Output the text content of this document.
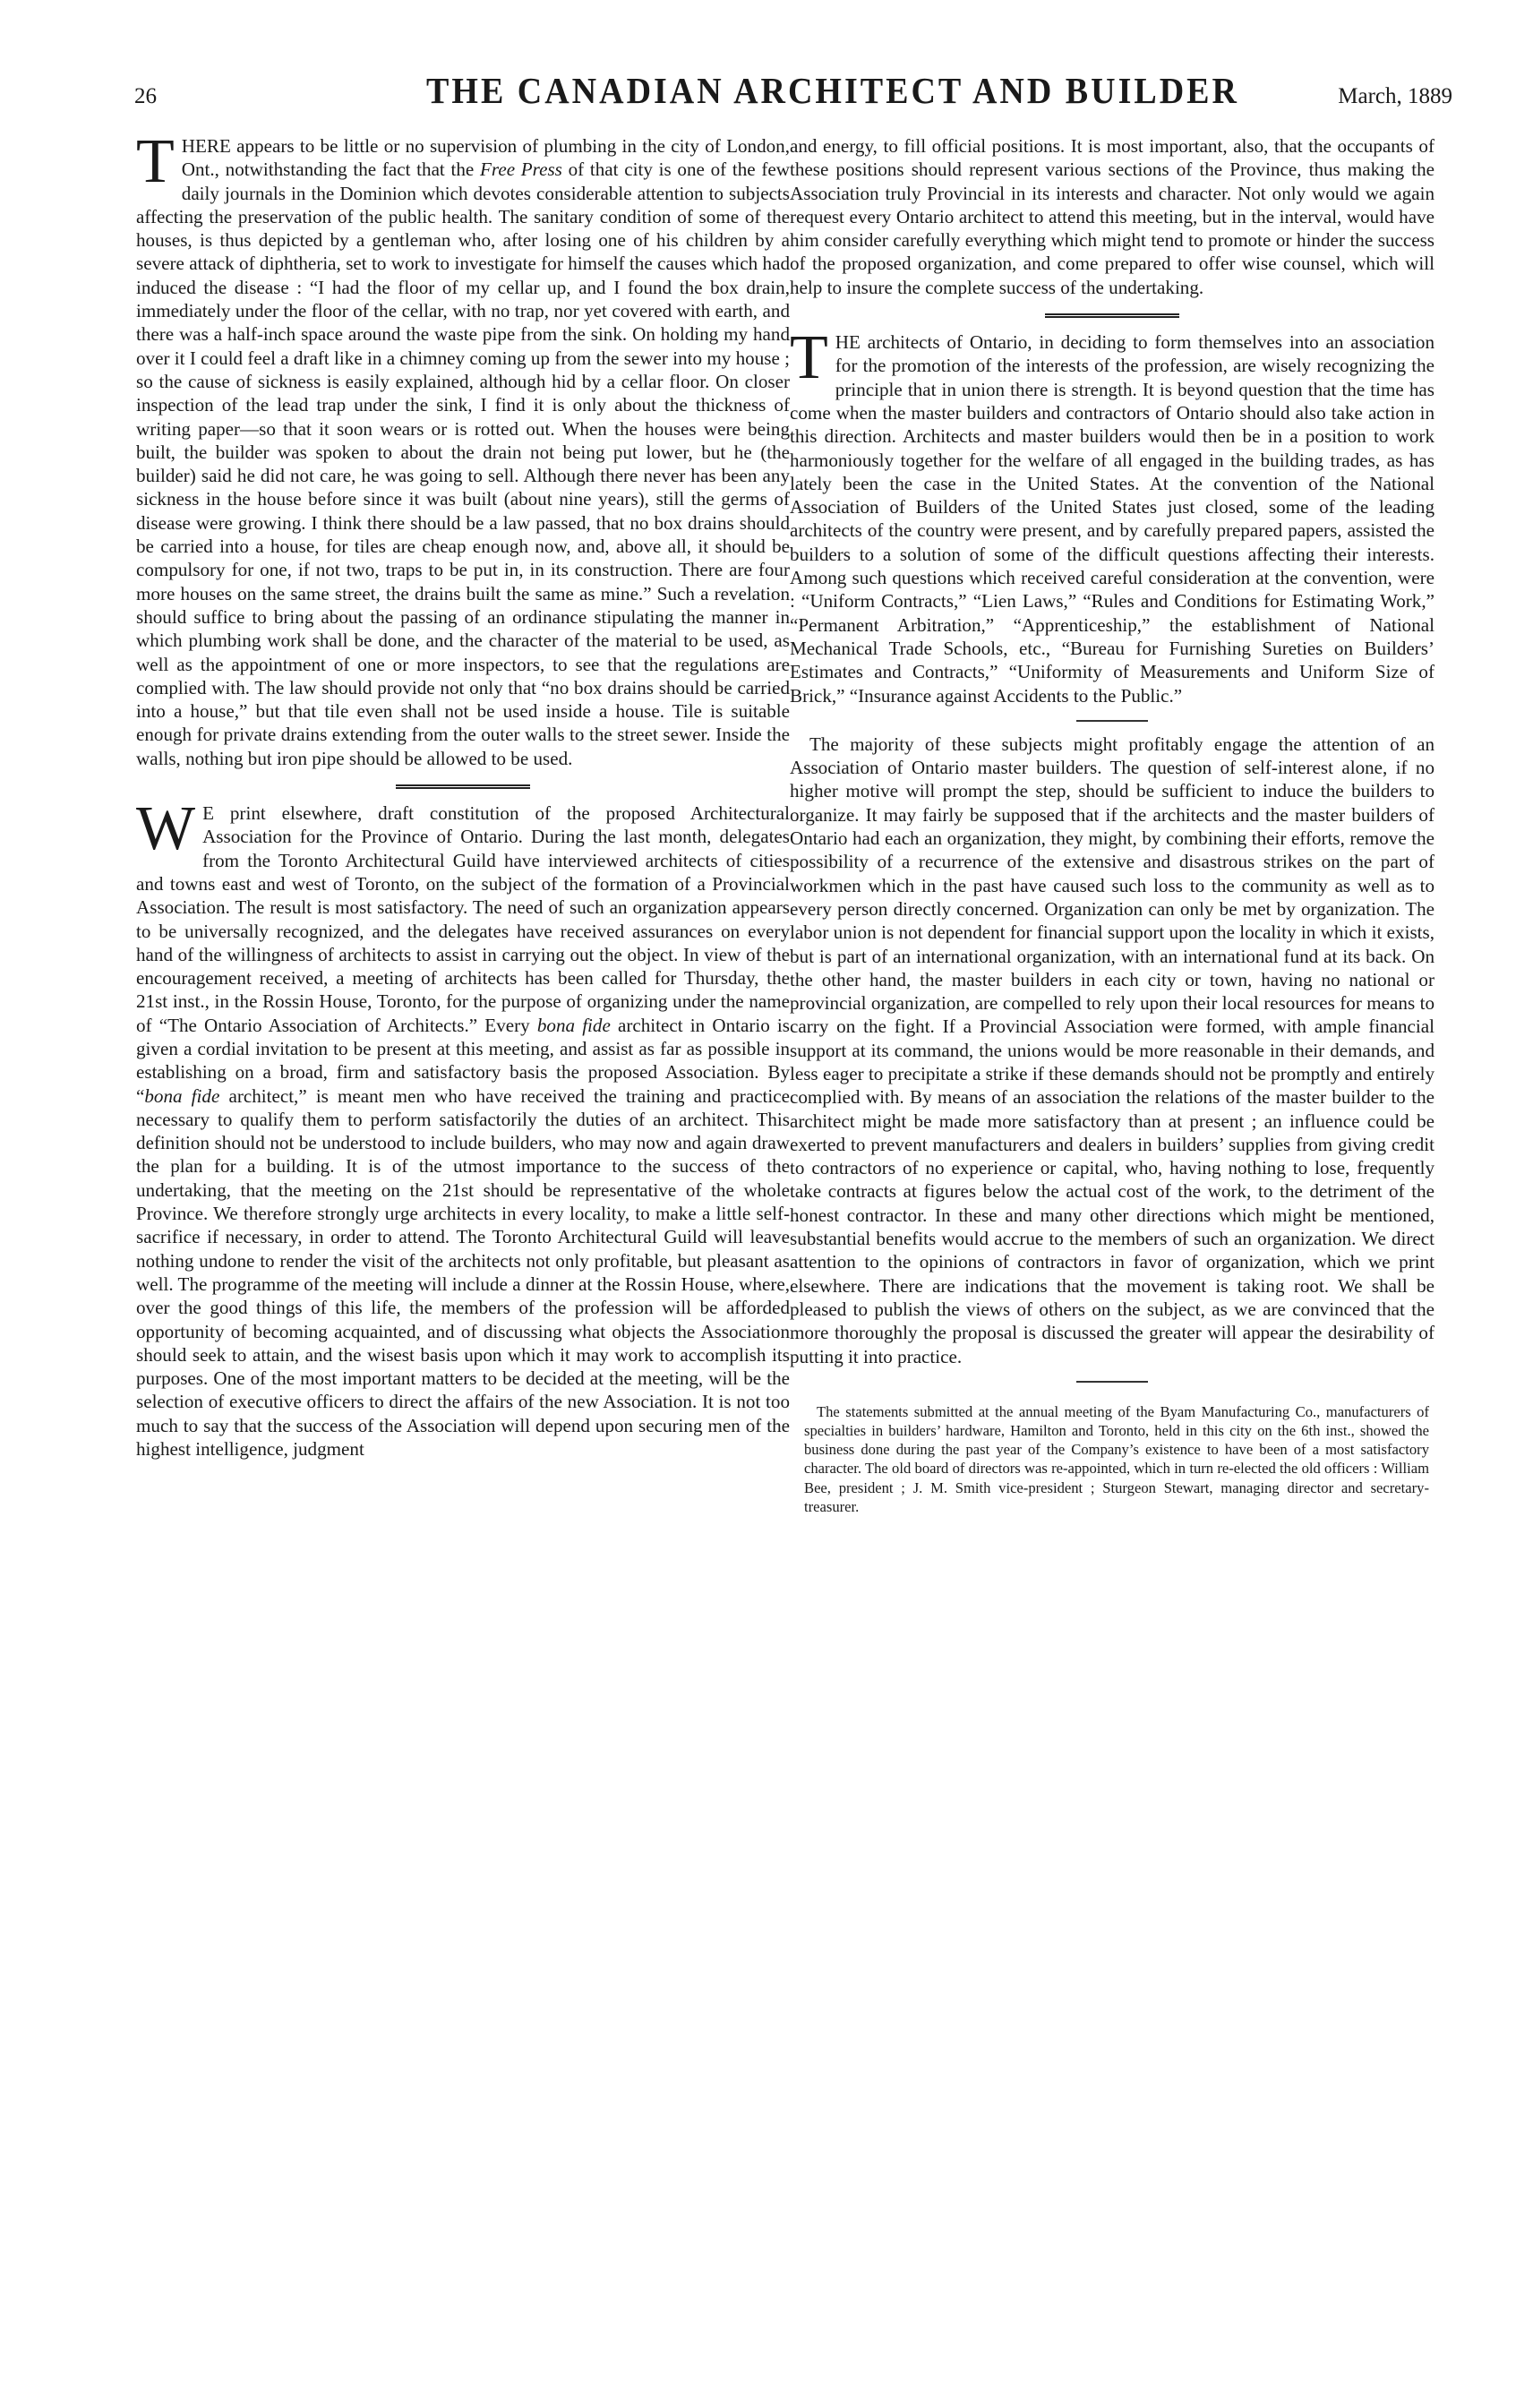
26	THE CANADIAN ARCHITECT AND BUILDER	March, 1889

THERE appears to be little or no supervision of plumbing in the city of London, Ont., notwithstanding the fact that the Free Press of that city is one of the few daily journals in the Dominion which devotes considerable attention to subjects affecting the preservation of the public health. The sanitary condition of some of the houses, is thus depicted by a gentleman who, after losing one of his children by a severe attack of diphtheria, set to work to investigate for himself the causes which had induced the disease : “I had the floor of my cellar up, and I found the box drain, immediately under the floor of the cellar, with no trap, nor yet covered with earth, and there was a half-inch space around the waste pipe from the sink. On holding my hand over it I could feel a draft like in a chimney coming up from the sewer into my house ; so the cause of sickness is easily explained, although hid by a cellar floor. On closer inspection of the lead trap under the sink, I find it is only about the thickness of writing paper—so that it soon wears or is rotted out. When the houses were being built, the builder was spoken to about the drain not being put lower, but he (the builder) said he did not care, he was going to sell. Although there never has been any sickness in the house before since it was built (about nine years), still the germs of disease were growing. I think there should be a law passed, that no box drains should be carried into a house, for tiles are cheap enough now, and, above all, it should be compulsory for one, if not two, traps to be put in, in its construction. There are four more houses on the same street, the drains built the same as mine.” Such a revelation should suffice to bring about the passing of an ordinance stipulating the manner in which plumbing work shall be done, and the character of the material to be used, as well as the appointment of one or more inspectors, to see that the regulations are complied with. The law should provide not only that “no box drains should be carried into a house,” but that tile even shall not be used inside a house. Tile is suitable enough for private drains extending from the outer walls to the street sewer. Inside the walls, nothing but iron pipe should be allowed to be used.

W E print elsewhere, draft constitution of the proposed Architectural Association for the Province of Ontario. During the last month, delegates from the Toronto Architectural Guild have interviewed architects of cities and towns east and west of Toronto, on the subject of the formation of a Provincial Association. The result is most satisfactory. The need of such an organization appears to be universally recognized, and the delegates have received assurances on every hand of the willingness of architects to assist in carrying out the object. In view of the encouragement received, a meeting of architects has been called for Thursday, the 21st inst., in the Rossin House, Toronto, for the purpose of organizing under the name of “The Ontario Association of Architects.” Every bona fide architect in Ontario is given a cordial invitation to be present at this meeting, and assist as far as possible in establishing on a broad, firm and satisfactory basis the proposed Association. By “bona fide architect,” is meant men who have received the training and practice necessary to qualify them to perform satisfactorily the duties of an architect. This definition should not be understood to include builders, who may now and again draw the plan for a building. It is of the utmost importance to the success of the undertaking, that the meeting on the 21st should be representative of the whole Province. We therefore strongly urge architects in every locality, to make a little self-sacrifice if necessary, in order to attend. The Toronto Architectural Guild will leave nothing undone to render the visit of the architects not only profitable, but pleasant as well. The programme of the meeting will include a dinner at the Rossin House, where, over the good things of this life, the members of the profession will be afforded opportunity of becoming acquainted, and of discussing what objects the Association should seek to attain, and the wisest basis upon which it may work to accomplish its purposes. One of the most important matters to be decided at the meeting, will be the selection of executive officers to direct the affairs of the new Association. It is not too much to say that the success of the Association will depend upon securing men of the highest intelligence, judgment

and energy, to fill official positions. It is most important, also, that the occupants of these positions should represent various sections of the Province, thus making the Association truly Provincial in its interests and character. Not only would we again request every Ontario architect to attend this meeting, but in the interval, would have him consider carefully everything which might tend to promote or hinder the success of the proposed organization, and come prepared to offer wise counsel, which will help to insure the complete success of the undertaking.

THE architects of Ontario, in deciding to form themselves into an association for the promotion of the interests of the profession, are wisely recognizing the principle that in union there is strength. It is beyond question that the time has come when the master builders and contractors of Ontario should also take action in this direction. Architects and master builders would then be in a position to work harmoniously together for the welfare of all engaged in the building trades, as has lately been the case in the United States. At the convention of the National Association of Builders of the United States just closed, some of the leading architects of the country were present, and by carefully prepared papers, assisted the builders to a solution of some of the difficult questions affecting their interests. Among such questions which received careful consideration at the convention, were : “Uniform Contracts,” “Lien Laws,” “Rules and Conditions for Estimating Work,” “Permanent Arbitration,” “Apprenticeship,” the establishment of National Mechanical Trade Schools, etc., “Bureau for Furnishing Sureties on Builders’ Estimates and Contracts,” “Uniformity of Measurements and Uniform Size of Brick,” “Insurance against Accidents to the Public.”

The majority of these subjects might profitably engage the attention of an Association of Ontario master builders. The question of self-interest alone, if no higher motive will prompt the step, should be sufficient to induce the builders to organize. It may fairly be supposed that if the architects and the master builders of Ontario had each an organization, they might, by combining their efforts, remove the possibility of a recurrence of the extensive and disastrous strikes on the part of workmen which in the past have caused such loss to the community as well as to every person directly concerned. Organization can only be met by organization. The labor union is not dependent for financial support upon the locality in which it exists, but is part of an international organization, with an international fund at its back. On the other hand, the master builders in each city or town, having no national or provincial organization, are compelled to rely upon their local resources for means to carry on the fight. If a Provincial Association were formed, with ample financial support at its command, the unions would be more reasonable in their demands, and less eager to precipitate a strike if these demands should not be promptly and entirely complied with. By means of an association the relations of the master builder to the architect might be made more satisfactory than at present ; an influence could be exerted to prevent manufacturers and dealers in builders’ supplies from giving credit to contractors of no experience or capital, who, having nothing to lose, frequently take contracts at figures below the actual cost of the work, to the detriment of the honest contractor. In these and many other directions which might be mentioned, substantial benefits would accrue to the members of such an organization. We direct attention to the opinions of contractors in favor of organization, which we print elsewhere. There are indications that the movement is taking root. We shall be pleased to publish the views of others on the subject, as we are convinced that the more thoroughly the proposal is discussed the greater will appear the desirability of putting it into practice.

The statements submitted at the annual meeting of the Byam Manufacturing Co., manufacturers of specialties in builders’ hardware, Hamilton and Toronto, held in this city on the 6th inst., showed the business done during the past year of the Company’s existence to have been of a most satisfactory character. The old board of directors was re-appointed, which in turn re-elected the old officers : William Bee, president ; J. M. Smith vice-president ; Sturgeon Stewart, managing director and secretary-treasurer.
